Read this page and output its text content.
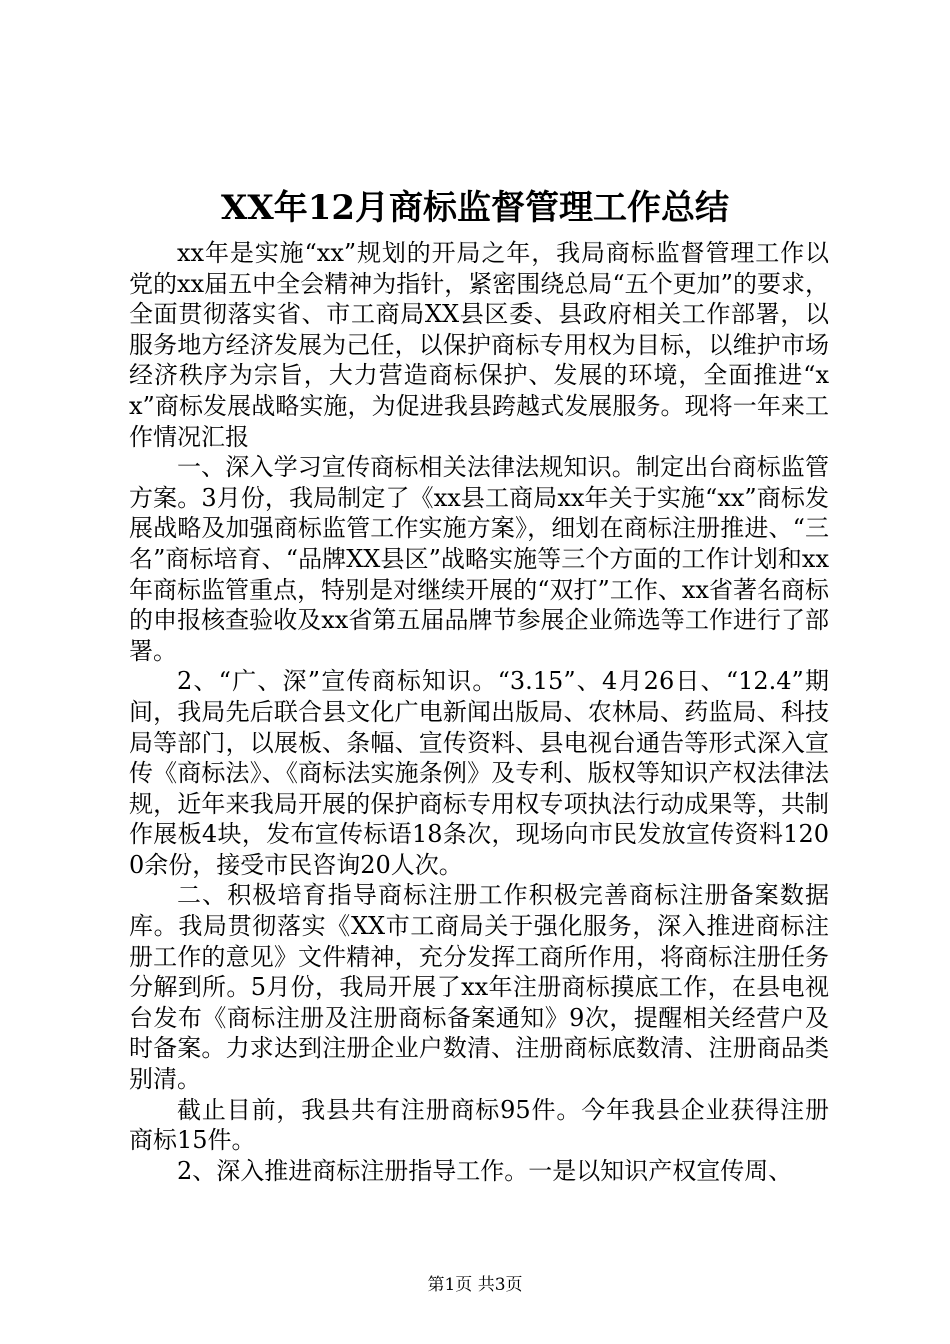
XX年12月商标监督管理工作总结

xx年是实施“xx”规划的开局之年，我局商标监督管理工作以党的xx届五中全会精神为指针，紧密围绕总局“五个更加”的要求，全面贯彻落实省、市工商局XX县区委、县政府相关工作部署，以服务地方经济发展为己任，以保护商标专用权为目标，以维护市场经济秩序为宗旨，大力营造商标保护、发展的环境，全面推进“xx”商标发展战略实施，为促进我县跨越式发展服务。现将一年来工作情况汇报

一、深入学习宣传商标相关法律法规知识。制定出台商标监管方案。3月份，我局制定了《xx县工商局xx年关于实施“xx”商标发展战略及加强商标监管工作实施方案》，细划在商标注册推进、“三名”商标培育、“品牌XX县区”战略实施等三个方面的工作计划和xx年商标监管重点，特别是对继续开展的“双打”工作、xx省著名商标的申报核查验收及xx省第五届品牌节参展企业筛选等工作进行了部署。

2、“广、深”宣传商标知识。“3.15”、4月26日、“12.4”期间，我局先后联合县文化广电新闻出版局、农林局、药监局、科技局等部门，以展板、条幅、宣传资料、县电视台通告等形式深入宣传《商标法》、《商标法实施条例》及专利、版权等知识产权法律法规，近年来我局开展的保护商标专用权专项执法行动成果等，共制作展板4块，发布宣传标语18条次，现场向市民发放宣传资料1200余份，接受市民咨询20人次。

二、积极培育指导商标注册工作积极完善商标注册备案数据库。我局贯彻落实《XX市工商局关于强化服务，深入推进商标注册工作的意见》文件精神，充分发挥工商所作用，将商标注册任务分解到所。5月份，我局开展了xx年注册商标摸底工作，在县电视台发布《商标注册及注册商标备案通知》9次，提醒相关经营户及时备案。力求达到注册企业户数清、注册商标底数清、注册商品类别清。

截止目前，我县共有注册商标95件。今年我县企业获得注册商标15件。

2、深入推进商标注册指导工作。一是以知识产权宣传周、

第1页 共3页
